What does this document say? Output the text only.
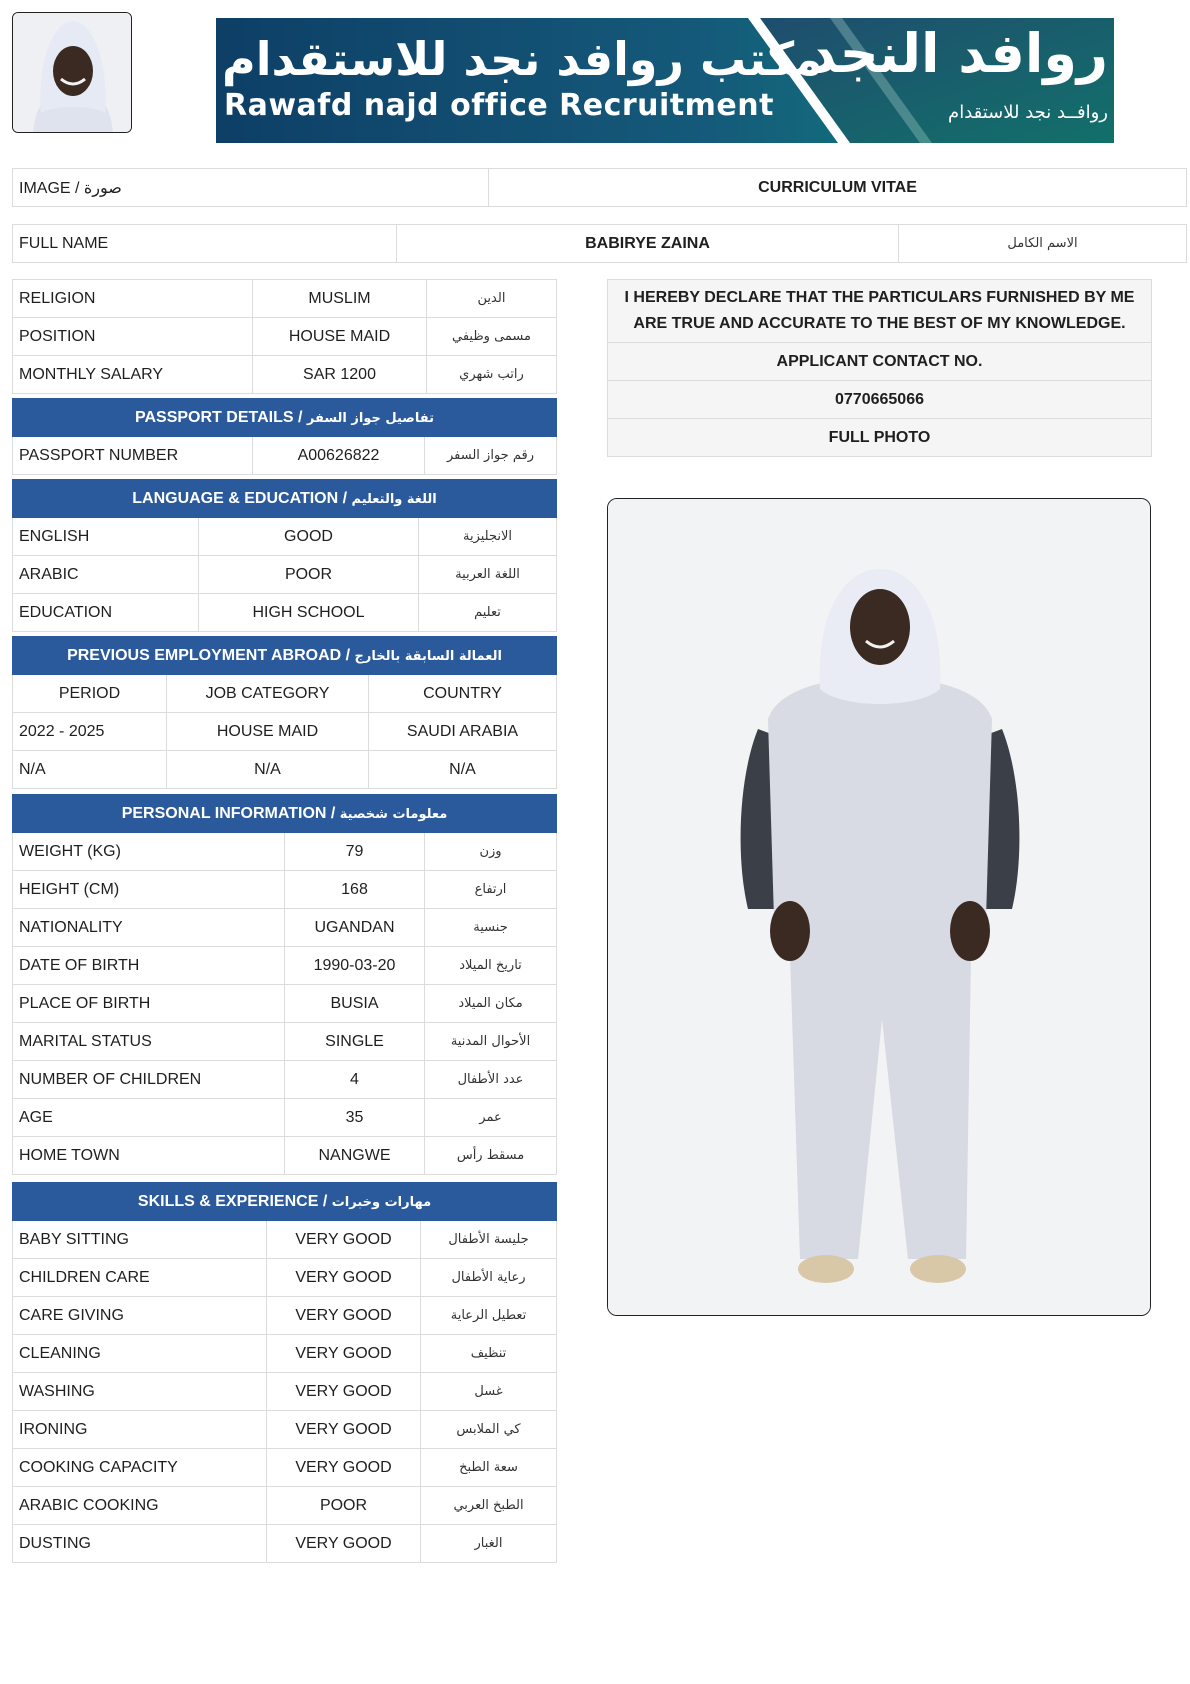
مكتب روافد نجد للاستقدام
Rawafd najd office Recruitment
روافد النجد
روافــد نجد للاستقدام
IMAGE / صورة	CURRICULUM VITAE
FULL NAME	BABIRYE ZAINA	الاسم الكامل
RELIGION	MUSLIM	الدين
POSITION	HOUSE MAID	مسمى وظيفي
MONTHLY SALARY	SAR 1200	راتب شهري
PASSPORT DETAILS / تفاصيل جواز السفر
PASSPORT NUMBER	A00626822	رقم جواز السفر
LANGUAGE & EDUCATION / اللغة والتعليم		
ENGLISH	GOOD	الانجليزية
ARABIC	POOR	اللغة العربية
EDUCATION	HIGH SCHOOL	تعليم
PREVIOUS EMPLOYMENT ABROAD / العمالة السابقة بالخارج		
PERIOD	JOB CATEGORY	COUNTRY
2022 - 2025	HOUSE MAID	SAUDI ARABIA
N/A	N/A	N/A
PERSONAL INFORMATION / معلومات شخصية		
WEIGHT (KG)	79	وزن
HEIGHT (CM)	168	ارتفاع
NATIONALITY	UGANDAN	جنسية
DATE OF BIRTH	1990-03-20	تاريخ الميلاد
PLACE OF BIRTH	BUSIA	مكان الميلاد
MARITAL STATUS	SINGLE	الأحوال المدنية
NUMBER OF CHILDREN	4	عدد الأطفال
AGE	35	عمر
HOME TOWN	NANGWE	مسقط رأس
SKILLS & EXPERIENCE / مهارات وخبرات		
BABY SITTING	VERY GOOD	جليسة الأطفال
CHILDREN CARE	VERY GOOD	رعاية الأطفال
CARE GIVING	VERY GOOD	تعطيل الرعاية
CLEANING	VERY GOOD	تنظيف
WASHING	VERY GOOD	غسل
IRONING	VERY GOOD	كي الملابس
COOKING CAPACITY	VERY GOOD	سعة الطبخ
ARABIC COOKING	POOR	الطبخ العربي
DUSTING	VERY GOOD	الغبار
I HEREBY DECLARE THAT THE PARTICULARS FURNISHED BY ME ARE TRUE AND ACCURATE TO THE BEST OF MY KNOWLEDGE.
APPLICANT CONTACT NO.
0770665066
FULL PHOTO
